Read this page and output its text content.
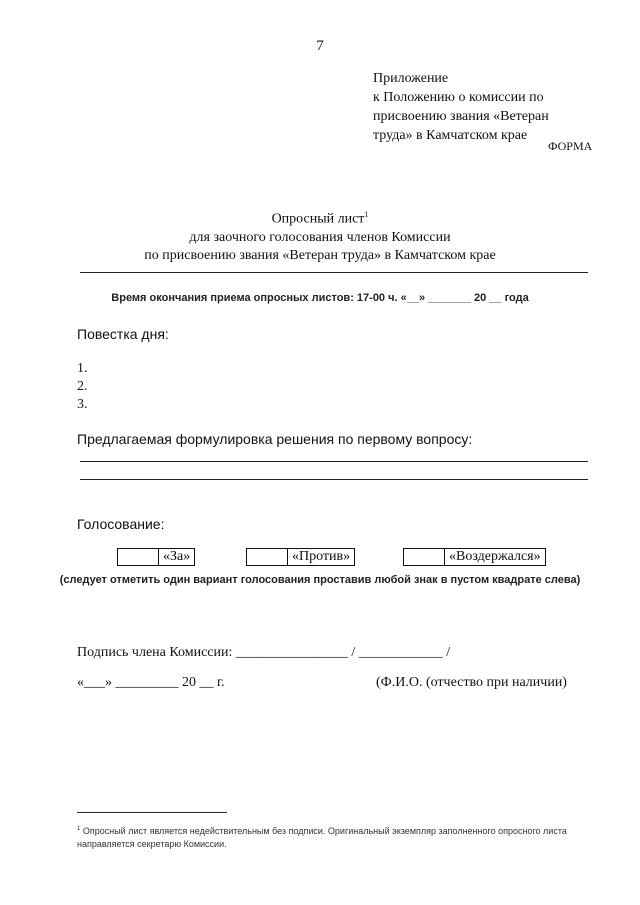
7
Приложение
к Положению о комиссии по
присвоению звания «Ветеран
труда» в Камчатском крае
ФОРМА
Опросный лист$^1$
для заочного голосования членов Комиссии
по присвоению звания «Ветеран труда» в Камчатском крае
Время окончания приема опросных листов: 17-00 ч. «__» _______ 20 __ года
Повестка дня:
1.
2.
3.
Предлагаемая формулировка решения по первому вопросу:
Голосование:
«За»	«Против»	«Воздержался»
(следует отметить один вариант голосования проставив любой знак в пустом квадрате слева)
Подпись члена Комиссии: ________________ / ____________ /
«___» _________ 20 __ г.	(Ф.И.О. (отчество при наличии)
$^1$ Опросный лист является недействительным без подписи. Оригинальный экземпляр заполненного опросного листа направляется секретарю Комиссии.
